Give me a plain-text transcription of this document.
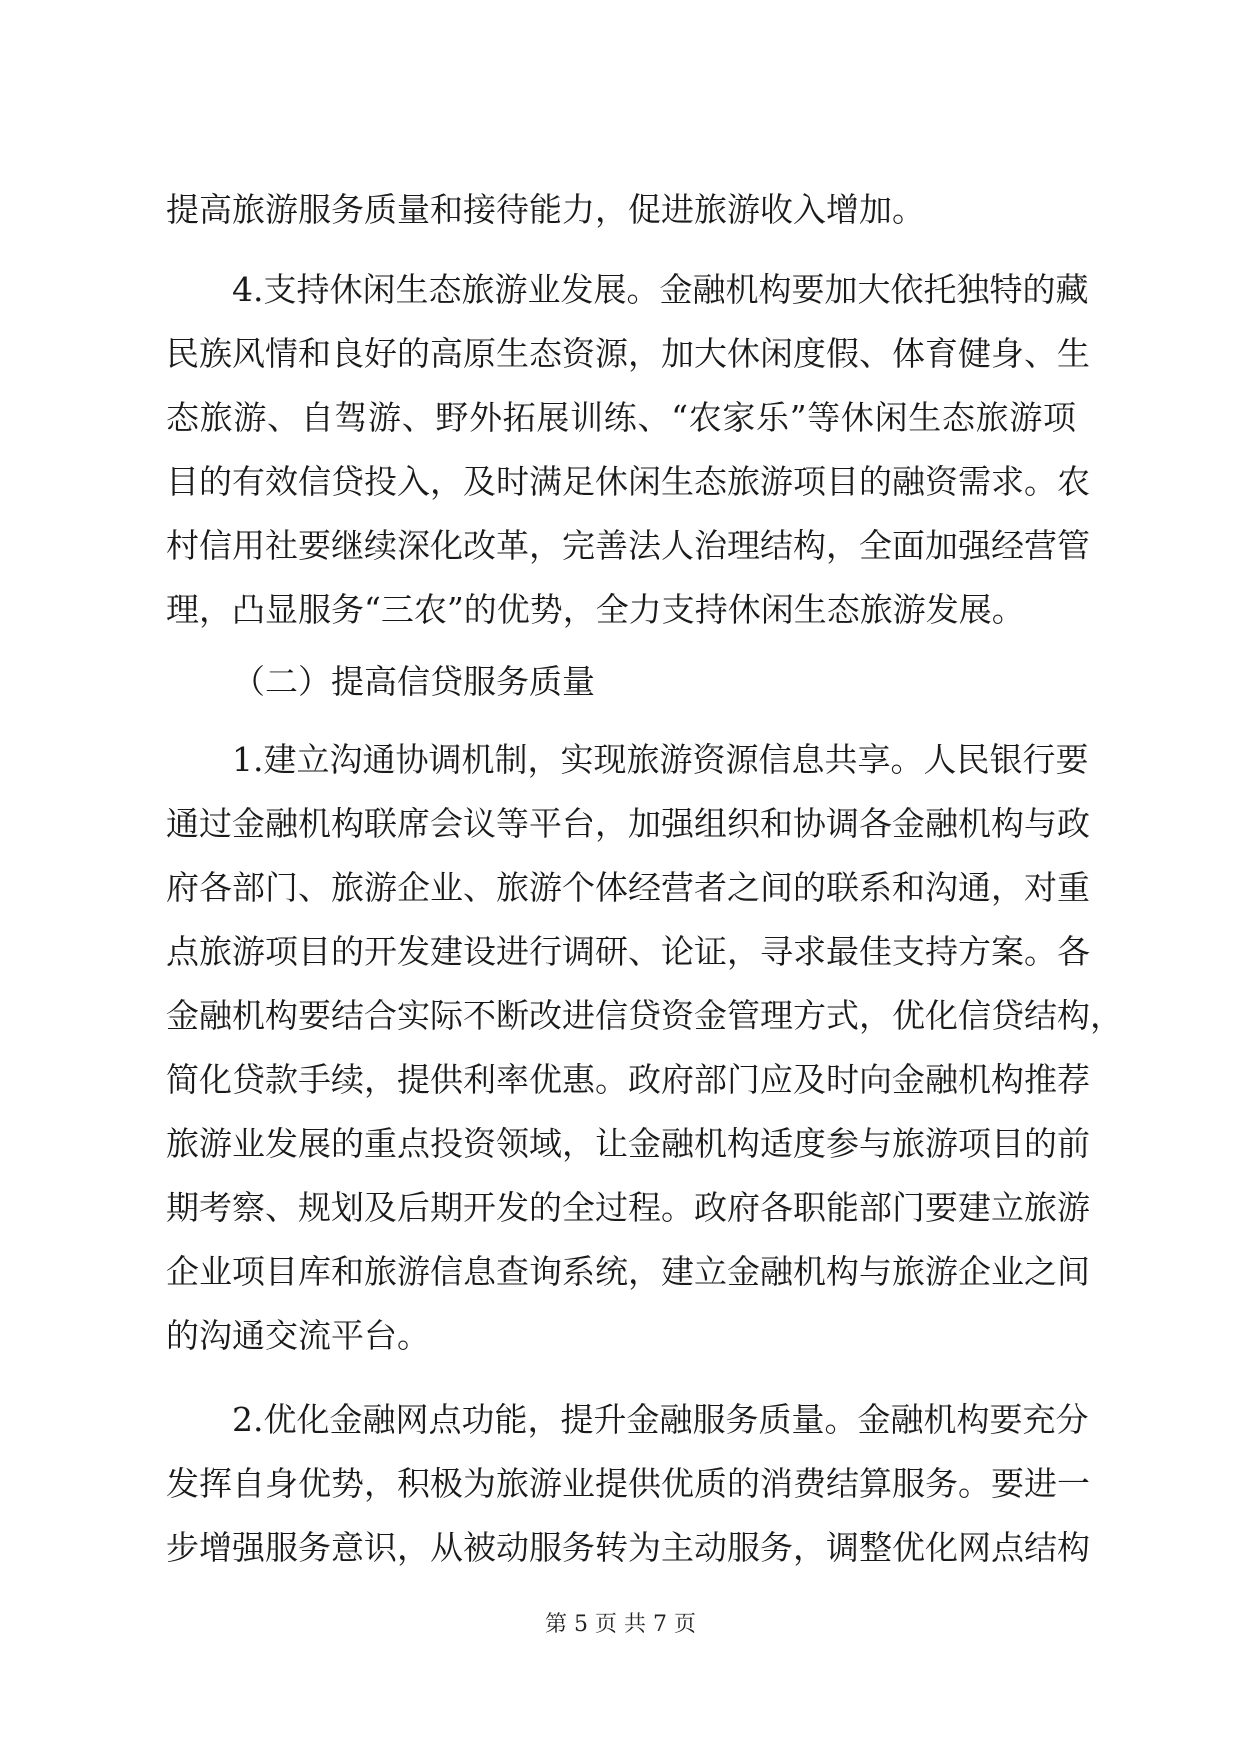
提高旅游服务质量和接待能力，促进旅游收入增加。
4.支持休闲生态旅游业发展。金融机构要加大依托独特的藏
民族风情和良好的高原生态资源，加大休闲度假、体育健身、生
态旅游、自驾游、野外拓展训练、“农家乐”等休闲生态旅游项
目的有效信贷投入，及时满足休闲生态旅游项目的融资需求。农
村信用社要继续深化改革，完善法人治理结构，全面加强经营管
理，凸显服务“三农”的优势，全力支持休闲生态旅游发展。
（二）提高信贷服务质量
1.建立沟通协调机制，实现旅游资源信息共享。人民银行要
通过金融机构联席会议等平台，加强组织和协调各金融机构与政
府各部门、旅游企业、旅游个体经营者之间的联系和沟通，对重
点旅游项目的开发建设进行调研、论证，寻求最佳支持方案。各
金融机构要结合实际不断改进信贷资金管理方式，优化信贷结构，
简化贷款手续，提供利率优惠。政府部门应及时向金融机构推荐
旅游业发展的重点投资领域，让金融机构适度参与旅游项目的前
期考察、规划及后期开发的全过程。政府各职能部门要建立旅游
企业项目库和旅游信息查询系统，建立金融机构与旅游企业之间
的沟通交流平台。
2.优化金融网点功能，提升金融服务质量。金融机构要充分
发挥自身优势，积极为旅游业提供优质的消费结算服务。要进一
步增强服务意识，从被动服务转为主动服务，调整优化网点结构
第 5 页 共 7 页
